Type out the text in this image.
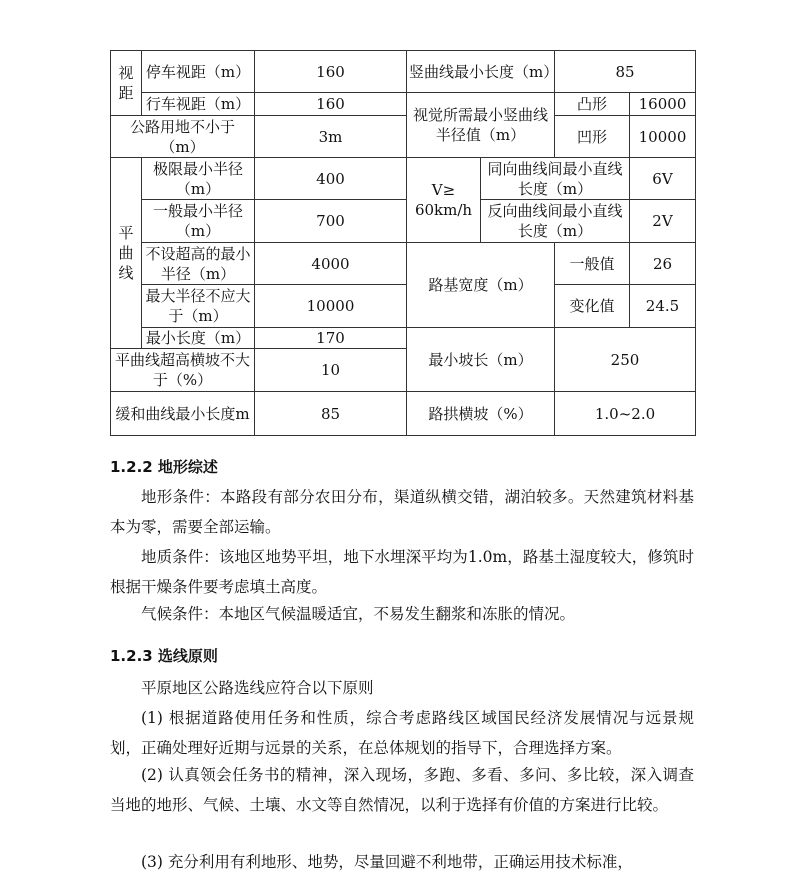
视距	停车视距（m）	160	竖曲线最小长度（m）		85	
	行车视距（m）	160	视觉所需最小竖曲线半径值（m）		凸形	16000
公路用地不小于（m）		3m			凹形	10000
平曲线	极限最小半径（m）	400	V≥ 60km/h	同向曲线间最小直线长度（m）		6V
	一般最小半径（m）	700		反向曲线间最小直线长度（m）		2V
	不设超高的最小半径（m）	4000	路基宽度（m）		一般值	26
	最大半径不应大于（m）	10000			变化值	24.5
	最小长度（m）	170	最小坡长（m）		250	
平曲线超高横坡不大于（%）		10				
缓和曲线最小长度m		85	路拱横坡（%）		1.0~2.0	
1.2.2 地形综述
地形条件：本路段有部分农田分布，渠道纵横交错，湖泊较多。天然建筑材料基本为零，需要全部运输。
地质条件：该地区地势平坦，地下水埋深平均为1.0m，路基土湿度较大，修筑时根据干燥条件要考虑填土高度。
气候条件：本地区气候温暖适宜，不易发生翻浆和冻胀的情况。
1.2.3 选线原则
平原地区公路选线应符合以下原则
(1) 根据道路使用任务和性质，综合考虑路线区域国民经济发展情况与远景规划，正确处理好近期与远景的关系，在总体规划的指导下，合理选择方案。
(2) 认真领会任务书的精神，深入现场，多跑、多看、多问、多比较，深入调查当地的地形、气候、土壤、水文等自然情况，以利于选择有价值的方案进行比较。
(3) 充分利用有利地形、地势，尽量回避不利地带，正确运用技术标准，
